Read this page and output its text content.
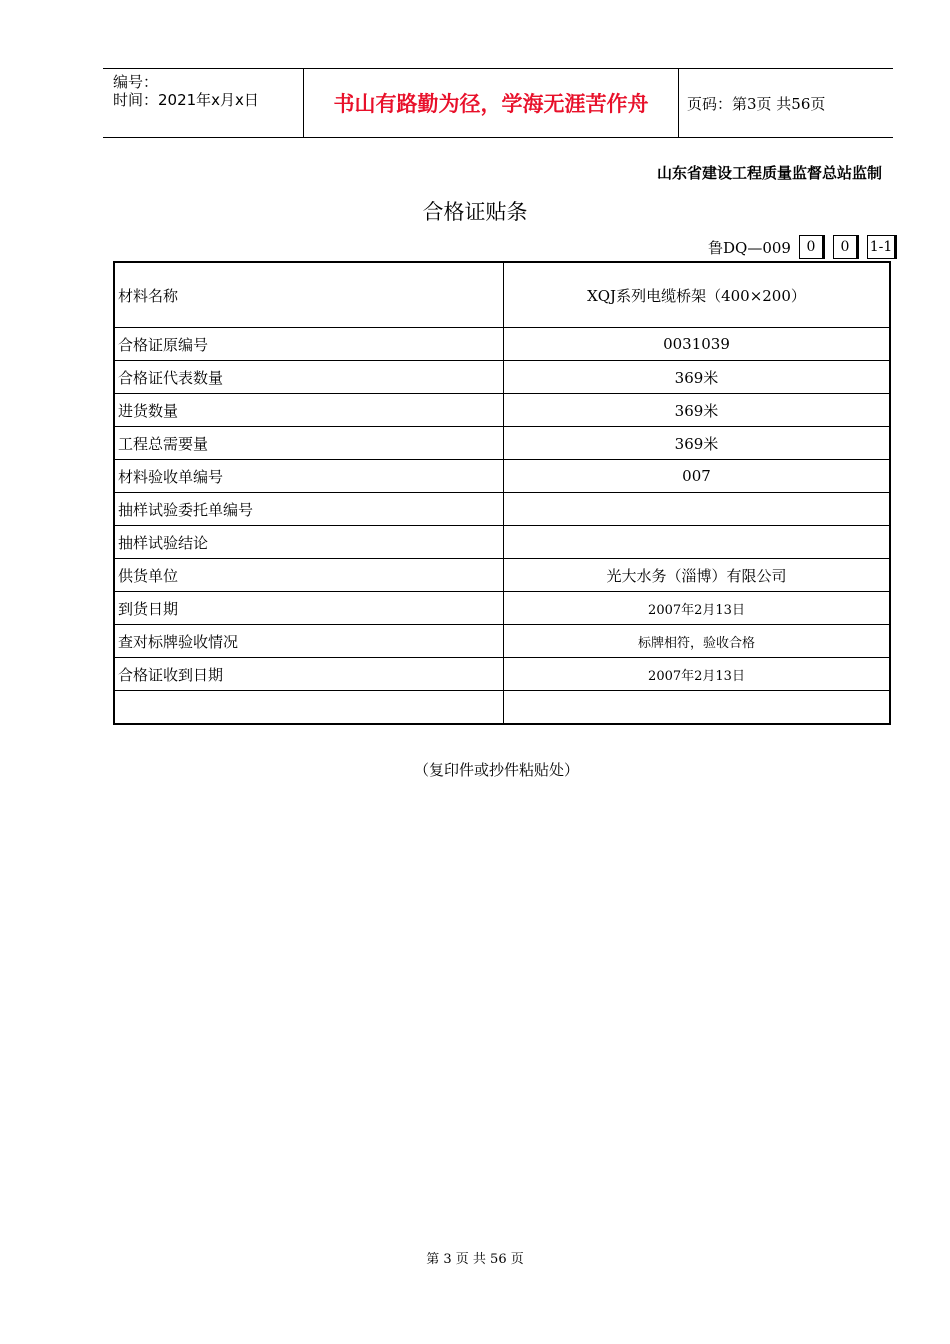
编号：
时间：2021年x月x日	书山有路勤为径，学海无涯苦作舟	页码：第3页 共56页
山东省建设工程质量监督总站监制
合格证贴条
鲁DQ—009	0	0	1-1
材料名称	XQJ系列电缆桥架（400×200）
合格证原编号	0031039
合格证代表数量	369米
进货数量	369米
工程总需要量	369米
材料验收单编号	007
抽样试验委托单编号	
抽样试验结论	
供货单位	光大水务（淄博）有限公司
到货日期	2007年2月13日
查对标牌验收情况	标牌相符，验收合格
合格证收到日期	2007年2月13日

（复印件或抄件粘贴处）
第 3 页 共 56 页
